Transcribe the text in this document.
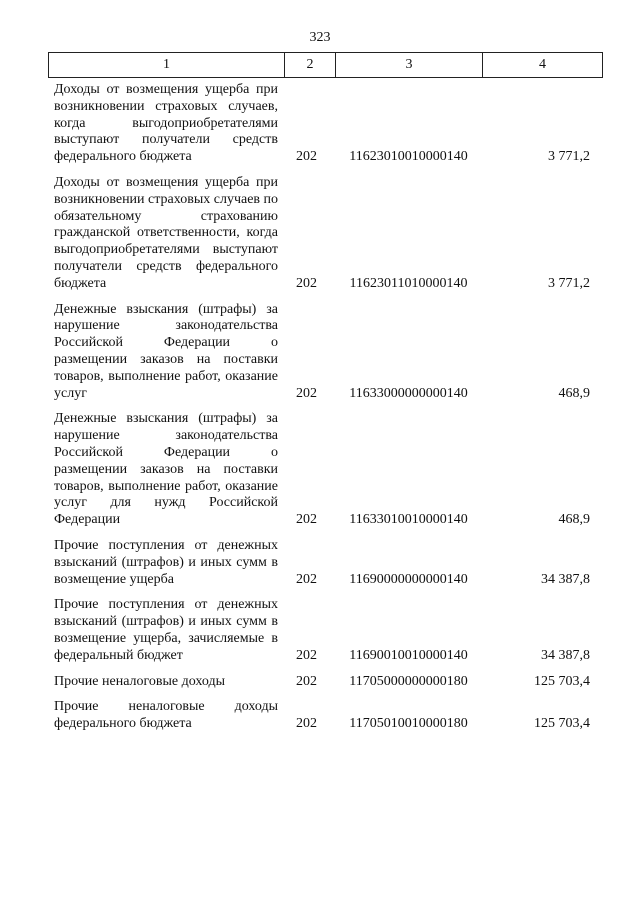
323
1	2	3	4
Доходы от возмещения ущерба при возникновении страховых случаев, когда выгодоприобретателями выступают получатели средств федерального бюджета	202	11623010010000140	3 771,2
Доходы от возмещения ущерба при возникновении страховых случаев по обязательному страхованию гражданской ответственности, когда выгодоприобретателями выступают получатели средств федерального бюджета	202	11623011010000140	3 771,2
Денежные взыскания (штрафы) за нарушение законодательства Российской Федерации о размещении заказов на поставки товаров, выполнение работ, оказание услуг	202	11633000000000140	468,9
Денежные взыскания (штрафы) за нарушение законодательства Российской Федерации о размещении заказов на поставки товаров, выполнение работ, оказание услуг для нужд Российской Федерации	202	11633010010000140	468,9
Прочие поступления от денежных взысканий (штрафов) и иных сумм в возмещение ущерба	202	11690000000000140	34 387,8
Прочие поступления от денежных взысканий (штрафов) и иных сумм в возмещение ущерба, зачисляемые в федеральный бюджет	202	11690010010000140	34 387,8
Прочие неналоговые доходы	202	11705000000000180	125 703,4
Прочие неналоговые доходы федерального бюджета	202	11705010010000180	125 703,4
